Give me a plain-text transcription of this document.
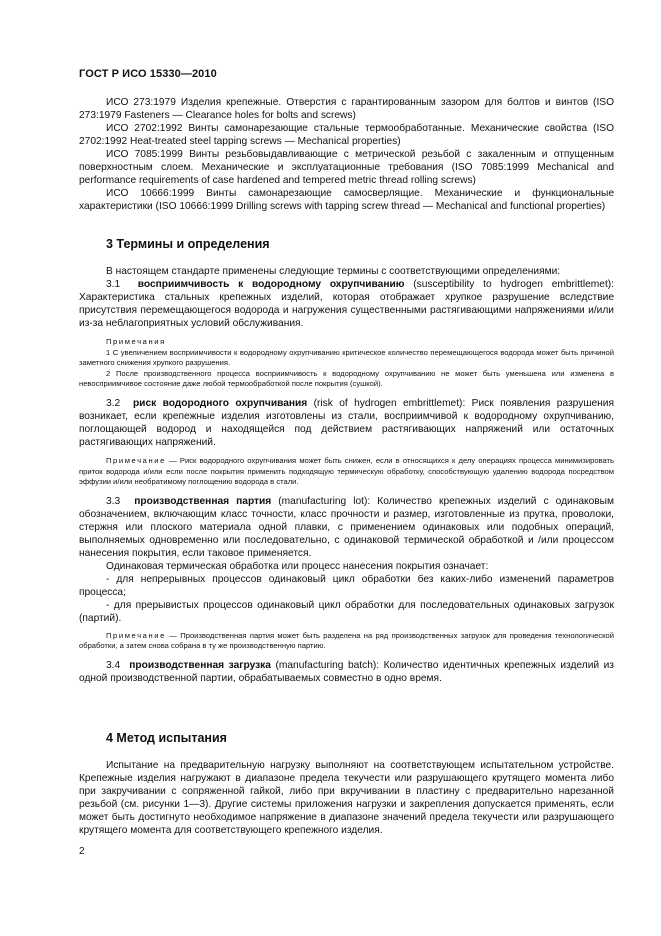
ГОСТ Р ИСО 15330—2010

ИСО 273:1979 Изделия крепежные. Отверстия с гарантированным зазором для болтов и винтов (ISO 273:1979 Fasteners — Clearance holes for bolts and screws)

ИСО 2702:1992 Винты самонарезающие стальные термообработанные. Механические свойства (ISO 2702:1992 Heat-treated steel tapping screws — Mechanical properties)

ИСО 7085:1999 Винты резьбовыдавливающие с метрической резьбой с закаленным и отпущенным поверхностным слоем. Механические и эксплуатационные требования (ISO 7085:1999 Mechanical and performance requirements of case hardened and tempered metric thread rolling screws)

ИСО 10666:1999 Винты самонарезающие самосверлящие. Механические и функциональные характеристики (ISO 10666:1999 Drilling screws with tapping screw thread — Mechanical and functional properties)

3 Термины и определения

В настоящем стандарте применены следующие термины с соответствующими определениями:

3.1 восприимчивость к водородному охрупчиванию (susceptibility to hydrogen embrittlemet): Характеристика стальных крепежных изделий, которая отображает хрупкое разрушение вследствие присутствия перемещающегося водорода и нагружения существенными растягивающими напряжениями и/или из-за неблагоприятных условий обслуживания.

Примечания

1 С увеличением восприимчивости к водородному охрупчиванию критическое количество перемещающегося водорода может быть причиной заметного снижения хрупкого разрушения.

2 После производственного процесса восприимчивость к водородному охрупчиванию не может быть уменьшена или изменена в невосприимчивое состояние даже любой термообработкой после покрытия (сушкой).

3.2 риск водородного охрупчивания (risk of hydrogen embrittlemet): Риск появления разрушения возникает, если крепежные изделия изготовлены из стали, восприимчивой к водородному охрупчиванию, поглощающей водород и находящейся под действием растягивающих напряжений или остаточных растягивающих напряжений.

Примечание — Риск водородного охрупчивания может быть снижен, если в относящихся к делу операциях процесса минимизировать приток водорода и/или если после покрытия применить подходящую термическую обработку, способствующую удалению водорода посредством эффузии и/или необратимому поглощению водорода в стали.

3.3 производственная партия (manufacturing lot): Количество крепежных изделий с одинаковым обозначением, включающим класс точности, класс прочности и размер, изготовленные из прутка, проволоки, стержня или плоского материала одной плавки, с применением одинаковых или подобных операций, выполняемых одновременно или последовательно, с одинаковой термической обработкой и /или процессом нанесения покрытия, если таковое применяется.

Одинаковая термическая обработка или процесс нанесения покрытия означает:

- для непрерывных процессов одинаковый цикл обработки без каких-либо изменений параметров процесса;

- для прерывистых процессов одинаковый цикл обработки для последовательных одинаковых загрузок (партий).

Примечание — Производственная партия может быть разделена на ряд производственных загрузок для проведения технологической обработки, а затем снова собрана в ту же производственную партию.

3.4 производственная загрузка (manufacturing batch): Количество идентичных крепежных изделий из одной производственной партии, обрабатываемых совместно в одно время.

4 Метод испытания

Испытание на предварительную нагрузку выполняют на соответствующем испытательном устройстве. Крепежные изделия нагружают в диапазоне предела текучести или разрушающего крутящего момента либо при закручивании с сопряженной гайкой, либо при вкручивании в пластину с предварительно нарезанной резьбой (см. рисунки 1—3). Другие системы приложения нагрузки и закрепления допускается применять, если может быть достигнуто необходимое напряжение в диапазоне значений предела текучести или разрушающего крутящего момента для соответствующего крепежного изделия.

2
